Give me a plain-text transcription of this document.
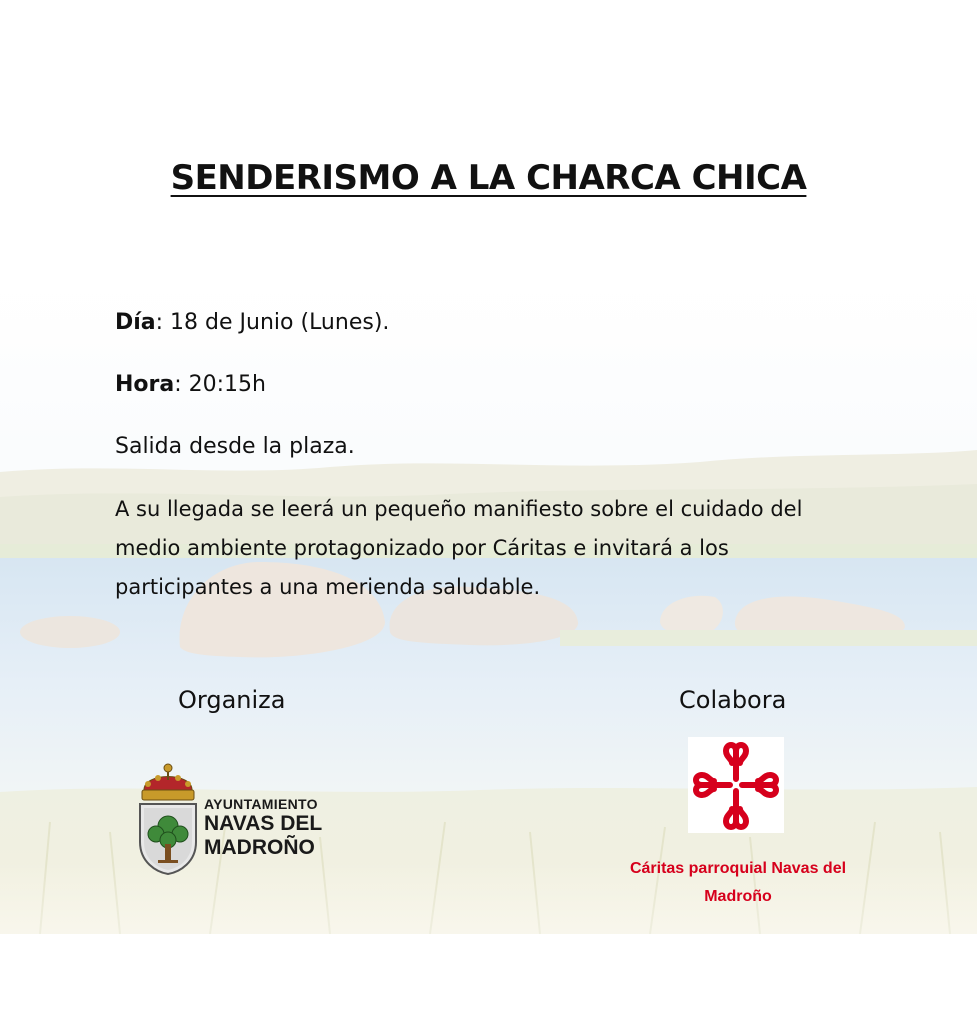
SENDERISMO A LA CHARCA CHICA
Día: 18 de Junio (Lunes).
Hora: 20:15h
Salida desde la plaza.
A su llegada se leerá un pequeño manifiesto sobre el cuidado del
medio ambiente protagonizado por Cáritas e invitará a los
participantes a una merienda saludable.
Organiza	Colabora
AYUNTAMIENTO
NAVAS DEL
MADROÑO
Cáritas parroquial Navas del
Madroño
